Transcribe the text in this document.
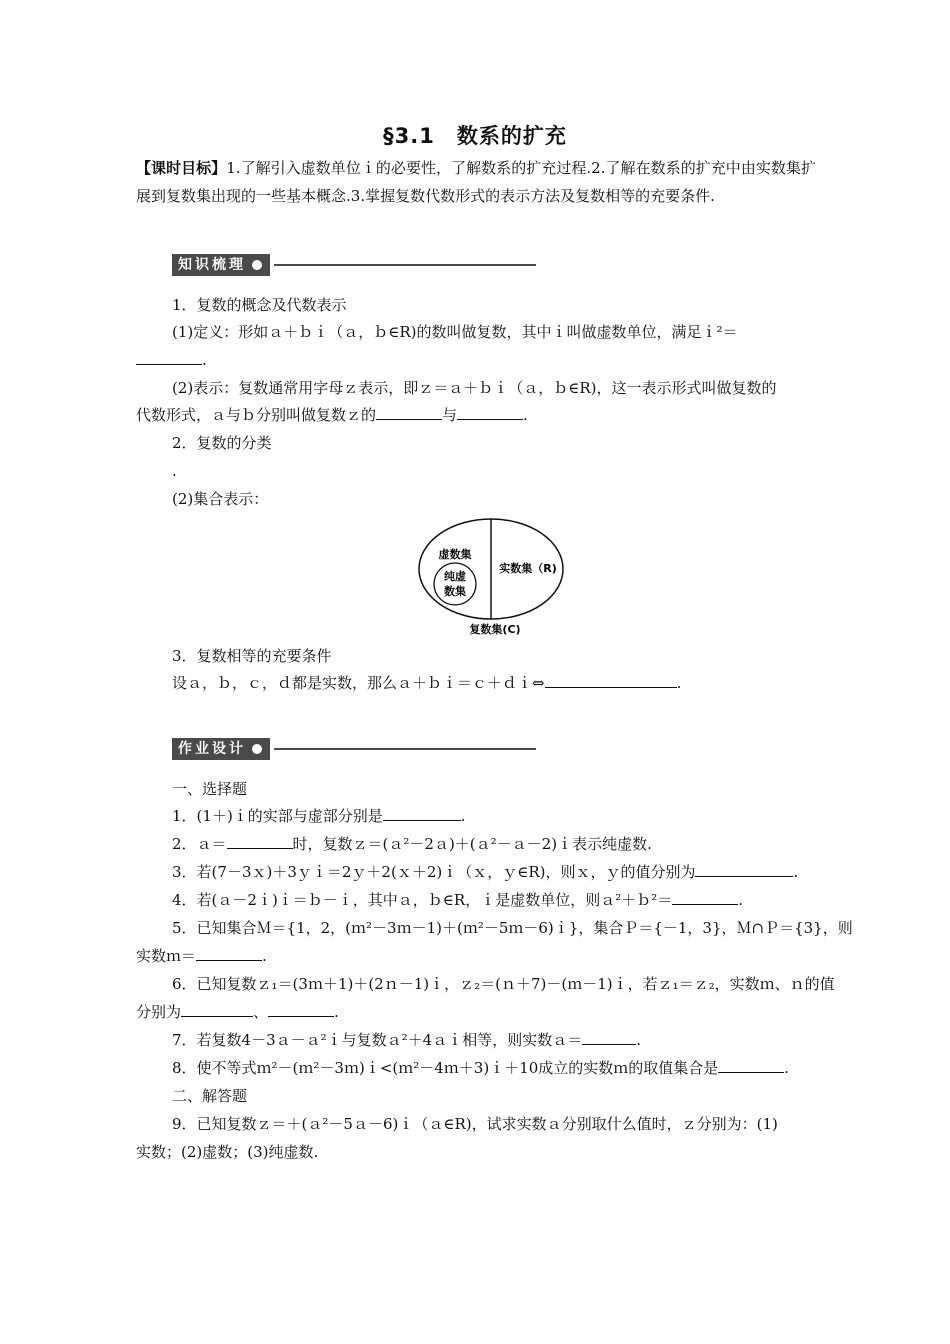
§3.1　数系的扩充

【课时目标】1.了解引入虚数单位ｉ的必要性，了解数系的扩充过程.2.了解在数系的扩充中由实数集扩展到复数集出现的一些基本概念.3.掌握复数代数形式的表示方法及复数相等的充要条件.

知识梳理
1．复数的概念及代数表示
(1)定义：形如ａ＋ｂｉ（ａ，ｂ∈R)的数叫做复数，其中ｉ叫做虚数单位，满足ｉ²＝
.
(2)表示：复数通常用字母ｚ表示，即ｚ＝ａ＋ｂｉ（ａ，ｂ∈R)，这一表示形式叫做复数的
代数形式，ａ与ｂ分别叫做复数ｚ的	与	.
2．复数的分类
.
(2)集合表示：
虚数集
纯虚
数集
实数集（R)
复数集(C)
3．复数相等的充要条件
设ａ，ｂ，ｃ，ｄ都是实数，那么ａ＋ｂｉ＝ｃ＋ｄｉ⇔	.
作业设计
一、选择题
1．(1＋)ｉ的实部与虚部分别是	.
2．ａ＝	时，复数ｚ＝(ａ²－2ａ)＋(ａ²－ａ－2)ｉ表示纯虚数.
3．若(7－3ｘ)＋3ｙｉ＝2ｙ＋2(ｘ＋2)ｉ（ｘ，ｙ∈R)，则ｘ，ｙ的值分别为	.
4．若(ａ－2ｉ)ｉ＝ｂ－ｉ，其中ａ，ｂ∈R，ｉ是虚数单位，则ａ²＋ｂ²＝	.
5．已知集合Ｍ＝{1，2，(ｍ²－3ｍ－1)＋(ｍ²－5ｍ－6)ｉ}，集合Ｐ＝{－1，3}，Ｍ∩Ｐ＝{3}，则
实数ｍ＝	.
6．已知复数ｚ₁＝(3ｍ＋1)＋(2ｎ－1)ｉ，ｚ₂＝(ｎ＋7)－(ｍ－1)ｉ，若ｚ₁＝ｚ₂，实数ｍ、ｎ的值
分别为	、	.
7．若复数4－3ａ－ａ²ｉ与复数ａ²＋4ａｉ相等，则实数ａ＝	.
8．使不等式ｍ²－(ｍ²－3ｍ)ｉ<(ｍ²－4ｍ＋3)ｉ＋10成立的实数ｍ的取值集合是	.
二、解答题
9．已知复数ｚ＝＋(ａ²－5ａ－6)ｉ（ａ∈R)，试求实数ａ分别取什么值时，ｚ分别为：(1)
实数；(2)虚数；(3)纯虚数.
